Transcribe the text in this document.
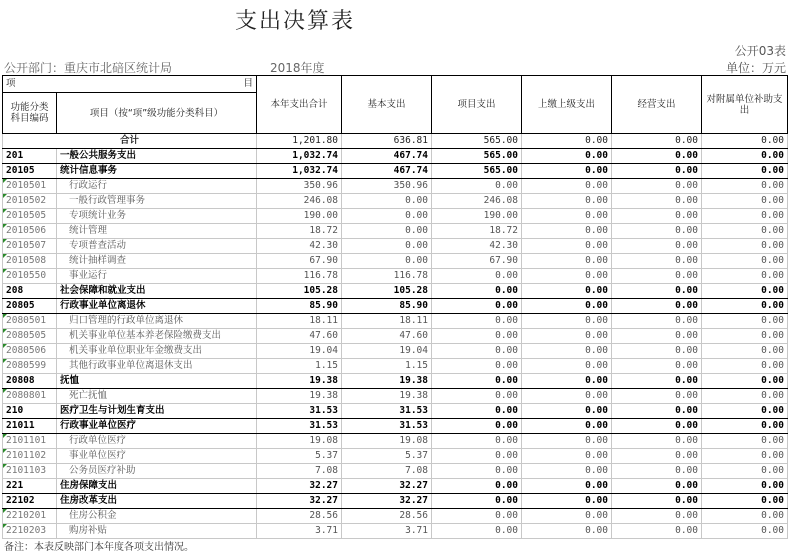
支出决算表
公开03表
公开部门：重庆市北碚区统计局	2018年度	单位：万元
项	目	本年支出合计	基本支出	项目支出	上缴上级支出	经营支出	对附属单位补助支出
功能分类科目编码	项目（按“项”级功能分类科目）						
合计		1,201.80	636.81	565.00	0.00	0.00	0.00
201	一般公共服务支出	1,032.74	467.74	565.00	0.00	0.00	0.00
20105	统计信息事务	1,032.74	467.74	565.00	0.00	0.00	0.00
2010501	行政运行	350.96	350.96	0.00	0.00	0.00	0.00
2010502	一般行政管理事务	246.08	0.00	246.08	0.00	0.00	0.00
2010505	专项统计业务	190.00	0.00	190.00	0.00	0.00	0.00
2010506	统计管理	18.72	0.00	18.72	0.00	0.00	0.00
2010507	专项普查活动	42.30	0.00	42.30	0.00	0.00	0.00
2010508	统计抽样调查	67.90	0.00	67.90	0.00	0.00	0.00
2010550	事业运行	116.78	116.78	0.00	0.00	0.00	0.00
208	社会保障和就业支出	105.28	105.28	0.00	0.00	0.00	0.00
20805	行政事业单位离退休	85.90	85.90	0.00	0.00	0.00	0.00
2080501	归口管理的行政单位离退休	18.11	18.11	0.00	0.00	0.00	0.00
2080505	机关事业单位基本养老保险缴费支出	47.60	47.60	0.00	0.00	0.00	0.00
2080506	机关事业单位职业年金缴费支出	19.04	19.04	0.00	0.00	0.00	0.00
2080599	其他行政事业单位离退休支出	1.15	1.15	0.00	0.00	0.00	0.00
20808	抚恤	19.38	19.38	0.00	0.00	0.00	0.00
2080801	死亡抚恤	19.38	19.38	0.00	0.00	0.00	0.00
210	医疗卫生与计划生育支出	31.53	31.53	0.00	0.00	0.00	0.00
21011	行政事业单位医疗	31.53	31.53	0.00	0.00	0.00	0.00
2101101	行政单位医疗	19.08	19.08	0.00	0.00	0.00	0.00
2101102	事业单位医疗	5.37	5.37	0.00	0.00	0.00	0.00
2101103	公务员医疗补助	7.08	7.08	0.00	0.00	0.00	0.00
221	住房保障支出	32.27	32.27	0.00	0.00	0.00	0.00
22102	住房改革支出	32.27	32.27	0.00	0.00	0.00	0.00
2210201	住房公积金	28.56	28.56	0.00	0.00	0.00	0.00
2210203	购房补贴	3.71	3.71	0.00	0.00	0.00	0.00
备注：本表反映部门本年度各项支出情况。
